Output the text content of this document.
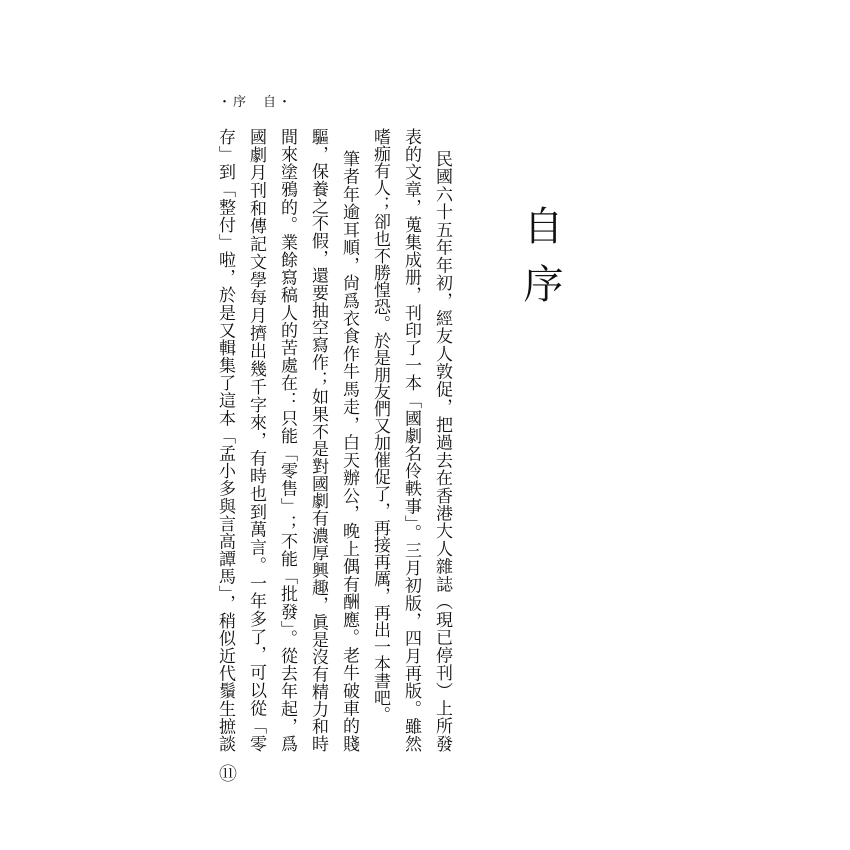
・序　自・
自序
民國六十五年年初，經友人敦促，把過去在香港大人雜誌（現已停刊）上所發
表的文章，蒐集成册，刊印了一本「國劇名伶軼事」。三月初版，四月再版。雖然
嗜痂有人；卻也不勝惶恐。於是朋友們又加催促了，再接再厲，再出一本書吧。
筆者年逾耳順，尙爲衣食作牛馬走，白天辦公，晚上偶有酬應。老牛破車的賤
驅，保養之不假，還要抽空寫作；如果不是對國劇有濃厚興趣，眞是沒有精力和時
間來塗鴉的。業餘寫稿人的苦處在：只能「零售」；不能「批發」。從去年起，爲
國劇月刊和傳記文學每月擠出幾千字來，有時也到萬言。一年多了，可以從「零
存」到「整付」啦，於是又輯集了這本「孟小多與言高譚馬」，稍似近代鬚生摭談
⑪
